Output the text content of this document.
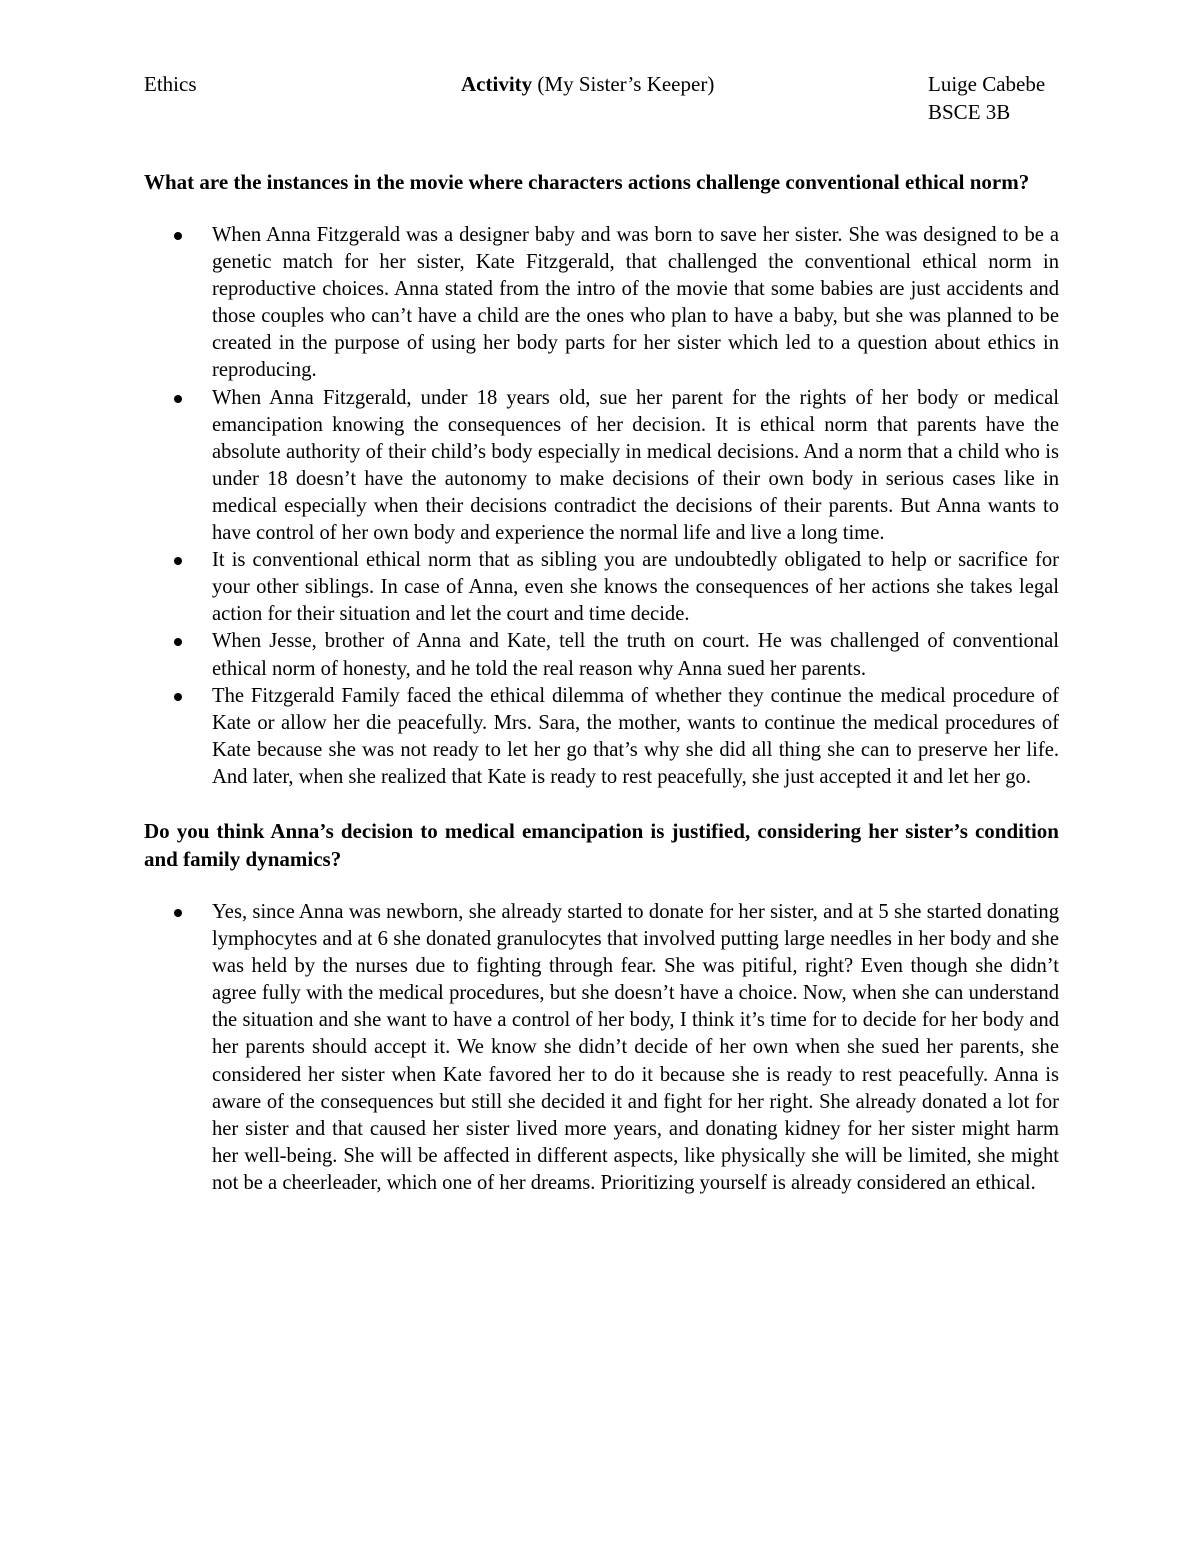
Ethics	Activity (My Sister’s Keeper)	Luige Cabebe
BSCE 3B

What are the instances in the movie where characters actions challenge conventional ethical norm?

When Anna Fitzgerald was a designer baby and was born to save her sister. She was designed to be a genetic match for her sister, Kate Fitzgerald, that challenged the conventional ethical norm in reproductive choices. Anna stated from the intro of the movie that some babies are just accidents and those couples who can’t have a child are the ones who plan to have a baby, but she was planned to be created in the purpose of using her body parts for her sister which led to a question about ethics in reproducing.
When Anna Fitzgerald, under 18 years old, sue her parent for the rights of her body or medical emancipation knowing the consequences of her decision. It is ethical norm that parents have the absolute authority of their child’s body especially in medical decisions. And a norm that a child who is under 18 doesn’t have the autonomy to make decisions of their own body in serious cases like in medical especially when their decisions contradict the decisions of their parents. But Anna wants to have control of her own body and experience the normal life and live a long time.
It is conventional ethical norm that as sibling you are undoubtedly obligated to help or sacrifice for your other siblings. In case of Anna, even she knows the consequences of her actions she takes legal action for their situation and let the court and time decide.
When Jesse, brother of Anna and Kate, tell the truth on court. He was challenged of conventional ethical norm of honesty, and he told the real reason why Anna sued her parents.
The Fitzgerald Family faced the ethical dilemma of whether they continue the medical procedure of Kate or allow her die peacefully. Mrs. Sara, the mother, wants to continue the medical procedures of Kate because she was not ready to let her go that’s why she did all thing she can to preserve her life. And later, when she realized that Kate is ready to rest peacefully, she just accepted it and let her go.

Do you think Anna’s decision to medical emancipation is justified, considering her sister’s condition and family dynamics?

Yes, since Anna was newborn, she already started to donate for her sister, and at 5 she started donating lymphocytes and at 6 she donated granulocytes that involved putting large needles in her body and she was held by the nurses due to fighting through fear. She was pitiful, right? Even though she didn’t agree fully with the medical procedures, but she doesn’t have a choice. Now, when she can understand the situation and she want to have a control of her body, I think it’s time for to decide for her body and her parents should accept it. We know she didn’t decide of her own when she sued her parents, she considered her sister when Kate favored her to do it because she is ready to rest peacefully. Anna is aware of the consequences but still she decided it and fight for her right. She already donated a lot for her sister and that caused her sister lived more years, and donating kidney for her sister might harm her well-being. She will be affected in different aspects, like physically she will be limited, she might not be a cheerleader, which one of her dreams. Prioritizing yourself is already considered an ethical.
